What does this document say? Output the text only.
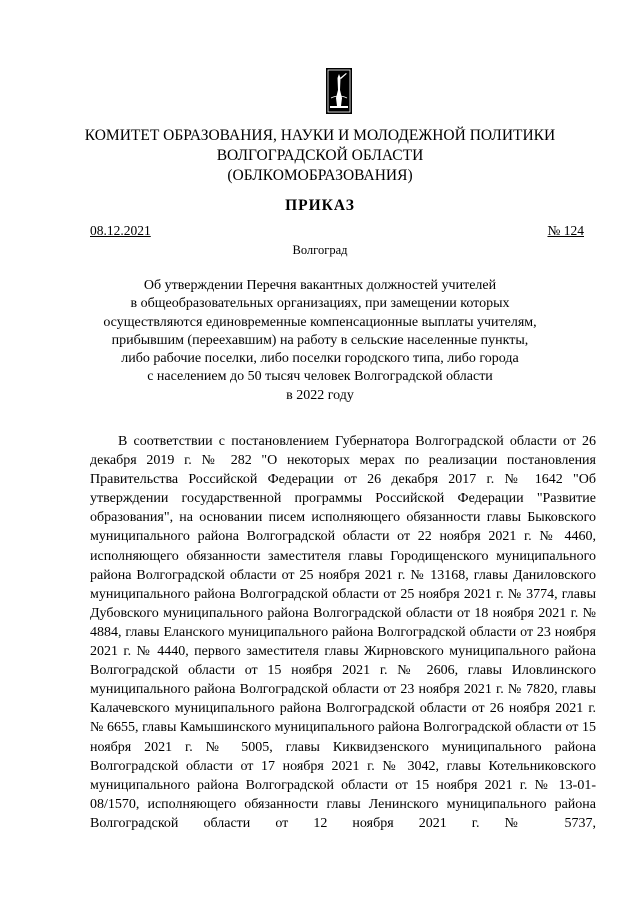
КОМИТЕТ ОБРАЗОВАНИЯ, НАУКИ И МОЛОДЕЖНОЙ ПОЛИТИКИ
ВОЛГОГРАДСКОЙ ОБЛАСТИ
(ОБЛКОМОБРАЗОВАНИЯ)
ПРИКАЗ
08.12.2021	№ 124
Волгоград
Об утверждении Перечня вакантных должностей учителей
в общеобразовательных организациях, при замещении которых
осуществляются единовременные компенсационные выплаты учителям,
прибывшим (переехавшим) на работу в сельские населенные пункты,
либо рабочие поселки, либо поселки городского типа, либо города
с населением до 50 тысяч человек Волгоградской области
в 2022 году

В соответствии с постановлением Губернатора Волгоградской области от 26 декабря 2019 г. № 282 "О некоторых мерах по реализации постановления Правительства Российской Федерации от 26 декабря 2017 г. № 1642 "Об утверждении государственной программы Российской Федерации "Развитие образования", на основании писем исполняющего обязанности главы Быковского муниципального района Волгоградской области от 22 ноября 2021 г. № 4460, исполняющего обязанности заместителя главы Городищенского муниципального района Волгоградской области от 25 ноября 2021 г. № 13168, главы Даниловского муниципального района Волгоградской области от 25 ноября 2021 г. № 3774, главы Дубовского муниципального района Волгоградской области от 18 ноября 2021 г. № 4884, главы Еланского муниципального района Волгоградской области от 23 ноября 2021 г. № 4440, первого заместителя главы Жирновского муниципального района Волгоградской области от 15 ноября 2021 г. № 2606, главы Иловлинского муниципального района Волгоградской области от 23 ноября 2021 г. № 7820, главы Калачевского муниципального района Волгоградской области от 26 ноября 2021 г. № 6655, главы Камышинского муниципального района Волгоградской области от 15 ноября 2021 г. № 5005, главы Киквидзенского муниципального района Волгоградской области от 17 ноября 2021 г. № 3042, главы Котельниковского муниципального района Волгоградской области от 15 ноября 2021 г. № 13-01-08/1570, исполняющего обязанности главы Ленинского муниципального района Волгоградской области от 12 ноября 2021 г. № 5737,
